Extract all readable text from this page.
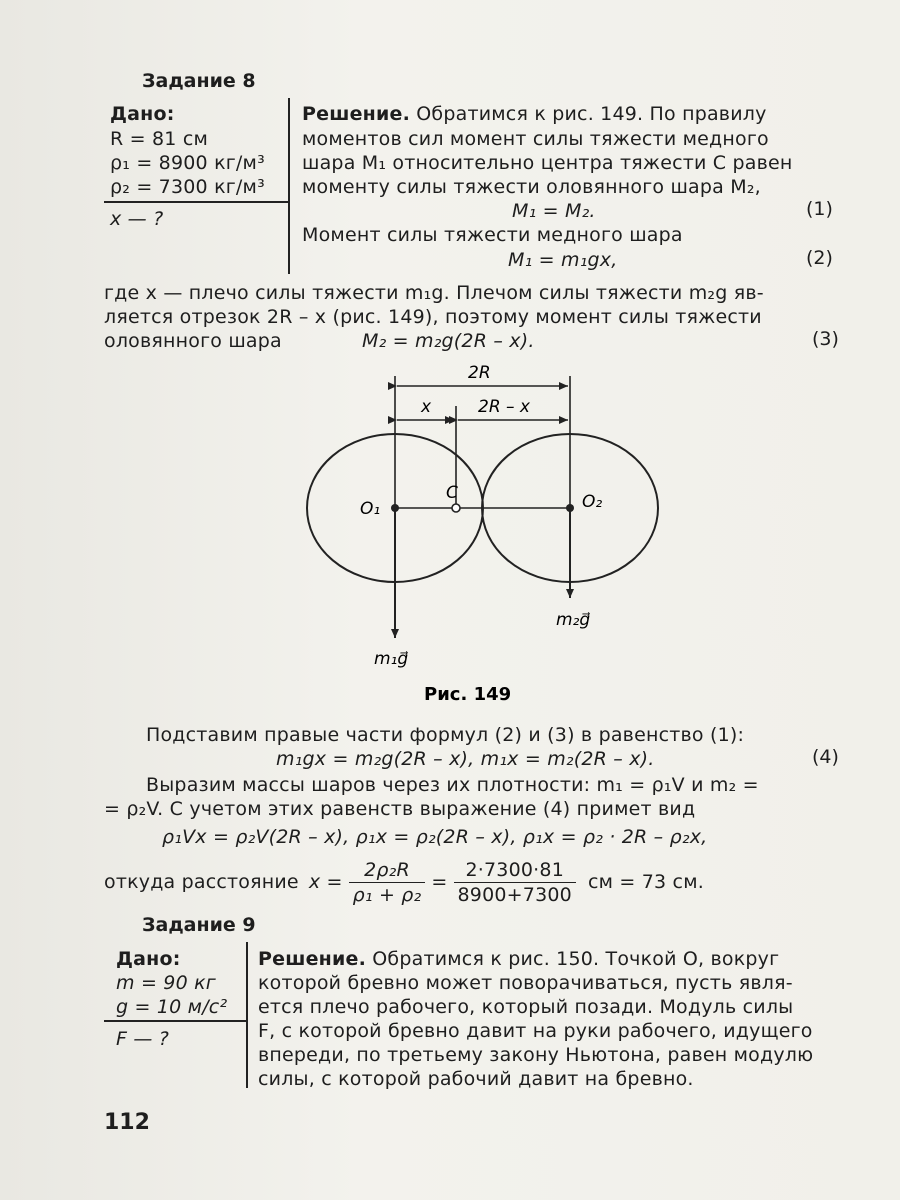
Задание 8
Дано:
R = 81 см
ρ₁ = 8900 кг/м³
ρ₂ = 7300 кг/м³
x — ?
Решение. Обратимся к рис. 149. По правилу
моментов сил момент силы тяжести медного
шара M₁ относительно центра тяжести C равен
моменту силы тяжести оловянного шара M₂,
M₁ = M₂.	(1)
Момент силы тяжести медного шара
M₁ = m₁gx,	(2)
где x — плечо силы тяжести m₁g. Плечом силы тяжести m₂g яв-
ляется отрезок 2R – x (рис. 149), поэтому момент силы тяжести
оловянного шара	M₂ = m₂g(2R – x).	(3)
2R
x	2R – x
O₁
C	O₂
m₁g⃗
m₂g⃗
Рис. 149
Подставим правые части формул (2) и (3) в равенство (1):
m₁gx = m₂g(2R – x), m₁x = m₂(2R – x).	(4)
Выразим массы шаров через их плотности: m₁ = ρ₁V и m₂ =
= ρ₂V. С учетом этих равенств выражение (4) примет вид
ρ₁Vx = ρ₂V(2R – x), ρ₁x = ρ₂(2R – x), ρ₁x = ρ₂ · 2R – ρ₂x,
откуда расстояние $x = \frac{\text{2ρ₂R}}{\text{ρ₁ + ρ₂}} = \frac{2\cdot 7300\cdot 81}{8900+7300}$ см = 73 см.
Задание 9
Дано:
m = 90 кг
g = 10 м/с²
F — ?
Решение. Обратимся к рис. 150. Точкой O, вокруг
которой бревно может поворачиваться, пусть явля-
ется плечо рабочего, который позади. Модуль силы
F, с которой бревно давит на руки рабочего, идущего
впереди, по третьему закону Ньютона, равен модулю
силы, с которой рабочий давит на бревно.
112
